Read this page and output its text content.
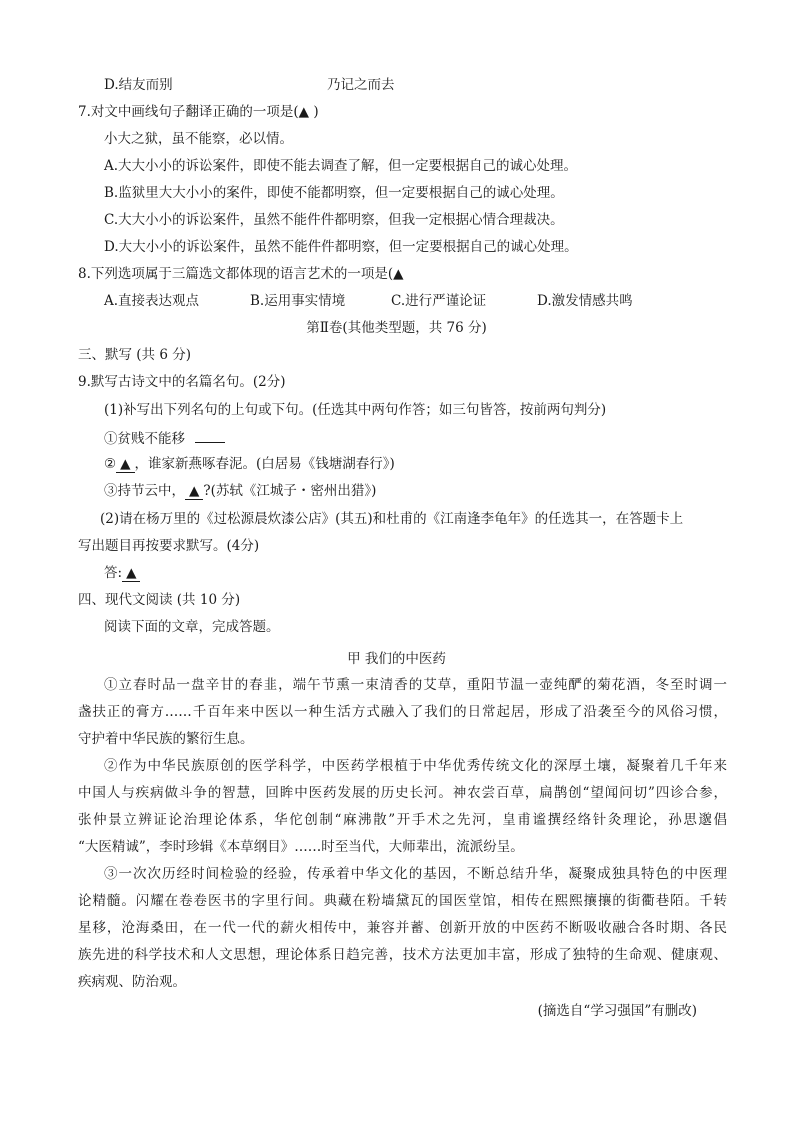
D.结友而别	乃记之而去
7.对文中画线句子翻译正确的一项是(▲ )
小大之狱，虽不能察，必以情。
A.大大小小的诉讼案件，即使不能去调查了解，但一定要根据自己的诚心处理。
B.监狱里大大小小的案件，即使不能都明察，但一定要根据自己的诚心处理。
C.大大小小的诉讼案件，虽然不能件件都明察，但我一定根据心情合理裁决。
D.大大小小的诉讼案件，虽然不能件件都明察，但一定要根据自己的诚心处理。
8.下列选项属于三篇选文都体现的语言艺术的一项是(▲
A.直接表达观点	B.运用事实情境	C.进行严谨论证	D.激发情感共鸣
第Ⅱ卷(其他类型题，共 76 分)
三、默写 (共 6 分)
9.默写古诗文中的名篇名句。(2分)
(1)补写出下列名句的上句或下句。(任选其中两句作答；如三句皆答，按前两句判分)
①贫贱不能移
② ▲ ，谁家新燕啄春泥。(白居易《钱塘湖春行》)
③持节云中， ▲ ?(苏轼《江城子・密州出猎》)
(2)请在杨万里的《过松源晨炊漆公店》(其五)和杜甫的《江南逢李龟年》的任选其一，在答题卡上
写出题目再按要求默写。(4分)
答: ▲
四、现代文阅读 (共 10 分)
阅读下面的文章，完成答题。
甲 我们的中医药
①立春时品一盘辛甘的春韭，端午节熏一束清香的艾草，重阳节温一壶纯酽的菊花酒，冬至时调一
盏扶正的膏方……千百年来中医以一种生活方式融入了我们的日常起居，形成了沿袭至今的风俗习惯，
守护着中华民族的繁衍生息。
②作为中华民族原创的医学科学，中医药学根植于中华优秀传统文化的深厚土壤，凝聚着几千年来
中国人与疾病做斗争的智慧，回眸中医药发展的历史长河。神农尝百草，扁鹊创“望闻问切”四诊合参，
张仲景立辨证论治理论体系，华佗创制“麻沸散”开手术之先河，皇甫谧撰经络针灸理论，孙思邈倡
“大医精诚”，李时珍辑《本草纲目》……时至当代，大师辈出，流派纷呈。
③一次次历经时间检验的经验，传承着中华文化的基因，不断总结升华，凝聚成独具特色的中医理
论精髓。闪耀在卷卷医书的字里行间。典藏在粉墙黛瓦的国医堂馆，相传在熙熙攘攘的街衢巷陌。千转
星移，沧海桑田，在一代一代的薪火相传中，兼容并蓄、创新开放的中医药不断吸收融合各时期、各民
族先进的科学技术和人文思想，理论体系日趋完善，技术方法更加丰富，形成了独特的生命观、健康观、
疾病观、防治观。
(摘选自“学习强国”有删改)
